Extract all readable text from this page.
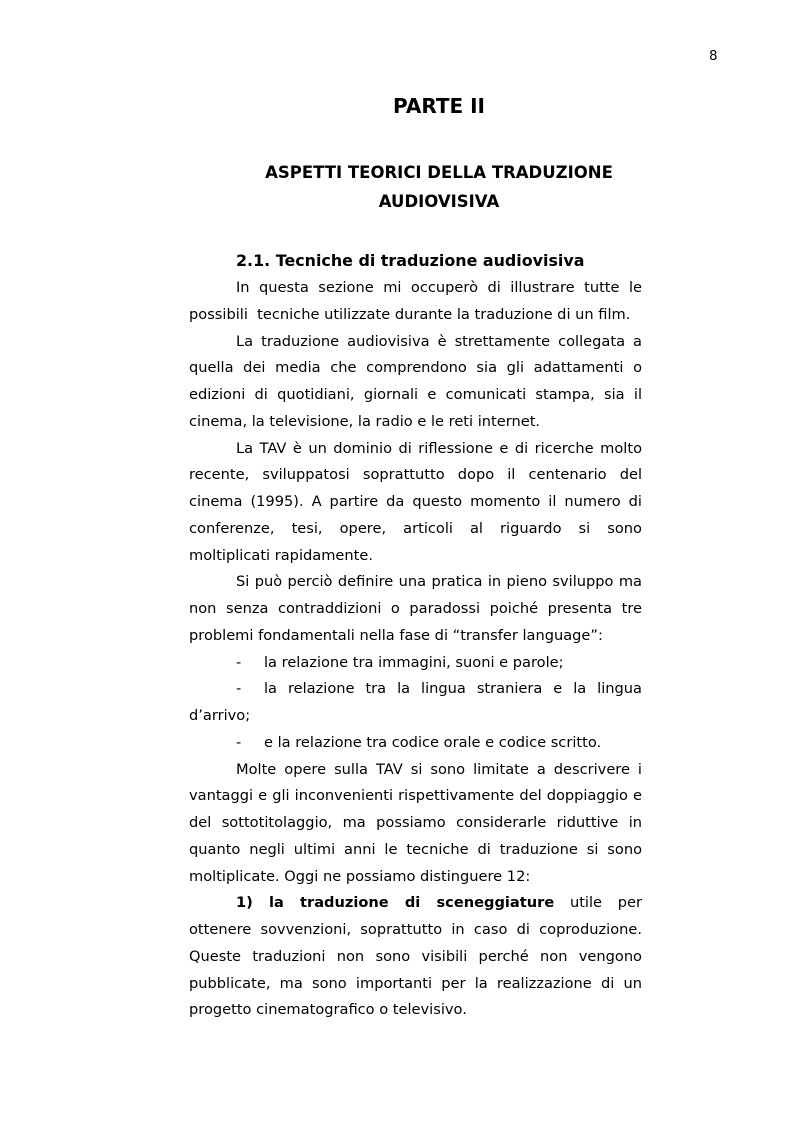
8
PARTE II
ASPETTI TEORICI DELLA TRADUZIONE
AUDIOVISIVA
2.1. Tecniche di traduzione audiovisiva
In questa sezione mi occuperò di illustrare tutte le
possibili  tecniche utilizzate durante la traduzione di un film.
La traduzione audiovisiva è strettamente collegata a
quella dei media che comprendono sia gli adattamenti o
edizioni di quotidiani, giornali e comunicati stampa, sia il
cinema, la televisione, la radio e le reti internet.
La TAV è un dominio di riflessione e di ricerche molto
recente, sviluppatosi soprattutto dopo il centenario del
cinema (1995). A partire da questo momento il numero di
conferenze, tesi, opere, articoli al riguardo si sono
moltiplicati rapidamente.
Si può perciò definire una pratica in pieno sviluppo ma
non senza contraddizioni o paradossi poiché presenta tre
problemi fondamentali nella fase di “transfer language”:
- la relazione tra immagini, suoni e parole;
- la relazione tra la lingua straniera e la lingua
d’arrivo;
- e la relazione tra codice orale e codice scritto.
Molte opere sulla TAV si sono limitate a descrivere i
vantaggi e gli inconvenienti rispettivamente del doppiaggio e
del sottotitolaggio, ma possiamo considerarle riduttive in
quanto negli ultimi anni le tecniche di traduzione si sono
moltiplicate. Oggi ne possiamo distinguere 12:
1) la traduzione di sceneggiature utile per
ottenere sovvenzioni, soprattutto in caso di coproduzione.
Queste traduzioni non sono visibili perché non vengono
pubblicate, ma sono importanti per la realizzazione di un
progetto cinematografico o televisivo.
